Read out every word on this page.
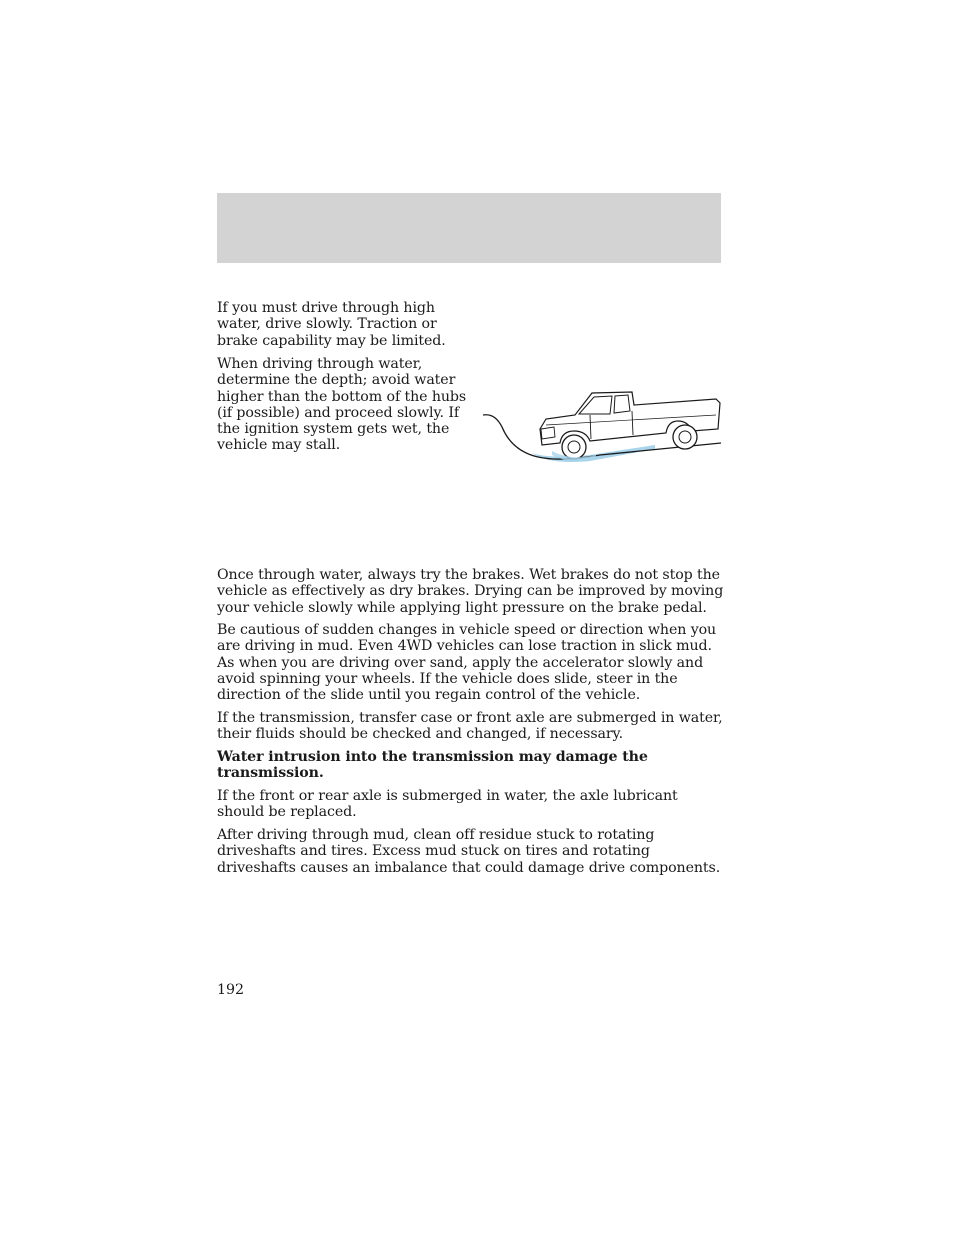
If you must drive through high water, drive slowly. Traction or brake capability may be limited.

When driving through water, determine the depth; avoid water higher than the bottom of the hubs (if possible) and proceed slowly. If the ignition system gets wet, the vehicle may stall.

Once through water, always try the brakes. Wet brakes do not stop the vehicle as effectively as dry brakes. Drying can be improved by moving your vehicle slowly while applying light pressure on the brake pedal.

Be cautious of sudden changes in vehicle speed or direction when you are driving in mud. Even 4WD vehicles can lose traction in slick mud. As when you are driving over sand, apply the accelerator slowly and avoid spinning your wheels. If the vehicle does slide, steer in the direction of the slide until you regain control of the vehicle.

If the transmission, transfer case or front axle are submerged in water, their fluids should be checked and changed, if necessary.

Water intrusion into the transmission may damage the transmission.

If the front or rear axle is submerged in water, the axle lubricant should be replaced.

After driving through mud, clean off residue stuck to rotating driveshafts and tires. Excess mud stuck on tires and rotating driveshafts causes an imbalance that could damage drive components.

192
